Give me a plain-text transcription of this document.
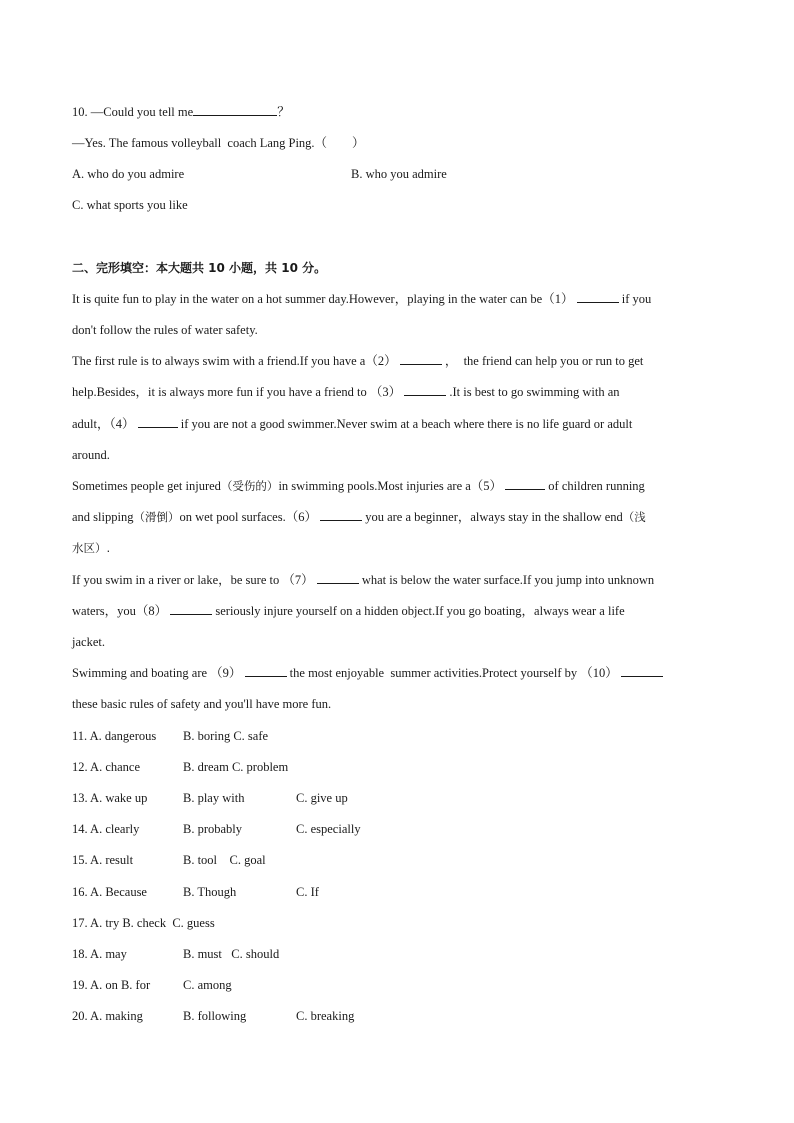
10. —Could you tell me	？
—Yes. The famous volleyball  coach Lang Ping.（        ）

A. who do you admire

	B. who you admire

C. what sports you like
二、完形填空：本大题共 10 小题，共 10 分。
It is quite fun to play in the water on a hot summer day.However，playing in the water can be（1）	if you
don't follow the rules of water safety.
The first rule is to always swim with a friend.If you have a（2）	，  the friend can help you or run to get
help.Besides，it is always more fun if you have a friend to （3）	.It is best to go swimming with an
adult，（4）	if you are not a good swimmer.Never swim at a beach where there is no life guard or adult
around.
Sometimes people get injured（受伤的）in swimming pools.Most injuries are a（5）	of children running
and slipping（滑倒）on wet pool surfaces.（6）	you are a beginner，always stay in the shallow end（浅
水区）.
If you swim in a river or lake，be sure to （7）	what is below the water surface.If you jump into unknown
waters，you（8）	seriously injure yourself on a hidden object.If you go boating，always wear a life
jacket.
Swimming and boating are （9）	the most enjoyable  summer activities.Protect yourself by （10）
these basic rules of safety and you'll have more fun.
11. A. dangerous B. boring C. safe
12. A. chance	B. dream C. problem
13. A. wake up	B. play with	C. give up
14. A. clearly	B. probably	C. especially
15. A. result	B. tool    C. goal
16. A. Because	B. Though	C. If
17. A. try B. check  C. guess
18. A. may	B. must   C. should
19. A. on B. for	C. among
20. A. making	B. following	C. breaking
